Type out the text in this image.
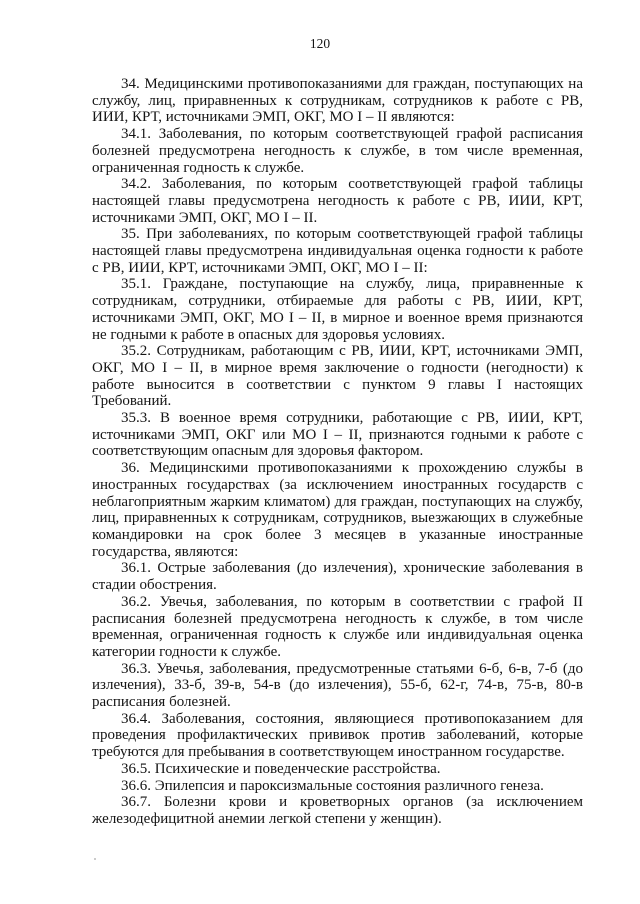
120

34. Медицинскими противопоказаниями для граждан, поступающих на службу, лиц, приравненных к сотрудникам, сотрудников к работе с РВ, ИИИ, КРТ, источниками ЭМП, ОКГ, МО I – II являются:

34.1. Заболевания, по которым соответствующей графой расписания болезней предусмотрена негодность к службе, в том числе временная, ограниченная годность к службе.

34.2. Заболевания, по которым соответствующей графой таблицы настоящей главы предусмотрена негодность к работе с РВ, ИИИ, КРТ, источниками ЭМП, ОКГ, МО I – II.

35. При заболеваниях, по которым соответствующей графой таблицы настоящей главы предусмотрена индивидуальная оценка годности к работе с РВ, ИИИ, КРТ, источниками ЭМП, ОКГ, МО I – II:

35.1. Граждане, поступающие на службу, лица, приравненные к сотрудникам, сотрудники, отбираемые для работы с РВ, ИИИ, КРТ, источниками ЭМП, ОКГ, МО I – II, в мирное и военное время признаются не годными к работе в опасных для здоровья условиях.

35.2. Сотрудникам, работающим с РВ, ИИИ, КРТ, источниками ЭМП, ОКГ, МО I – II, в мирное время заключение о годности (негодности) к работе выносится в соответствии с пунктом 9 главы I настоящих Требований.

35.3. В военное время сотрудники, работающие с РВ, ИИИ, КРТ, источниками ЭМП, ОКГ или МО I – II, признаются годными к работе с соответствующим опасным для здоровья фактором.

36. Медицинскими противопоказаниями к прохождению службы в иностранных государствах (за исключением иностранных государств с неблагоприятным жарким климатом) для граждан, поступающих на службу, лиц, приравненных к сотрудникам, сотрудников, выезжающих в служебные командировки на срок более 3 месяцев в указанные иностранные государства, являются:

36.1. Острые заболевания (до излечения), хронические заболевания в стадии обострения.

36.2. Увечья, заболевания, по которым в соответствии с графой II расписания болезней предусмотрена негодность к службе, в том числе временная, ограниченная годность к службе или индивидуальная оценка категории годности к службе.

36.3. Увечья, заболевания, предусмотренные статьями 6-б, 6-в, 7-б (до излечения), 33-б, 39-в, 54-в (до излечения), 55-б, 62-г, 74-в, 75-в, 80-в расписания болезней.

36.4. Заболевания, состояния, являющиеся противопоказанием для проведения профилактических прививок против заболеваний, которые требуются для пребывания в соответствующем иностранном государстве.

36.5. Психические и поведенческие расстройства.

36.6. Эпилепсия и пароксизмальные состояния различного генеза.

36.7. Болезни крови и кроветворных органов (за исключением железодефицитной анемии легкой степени у женщин).
